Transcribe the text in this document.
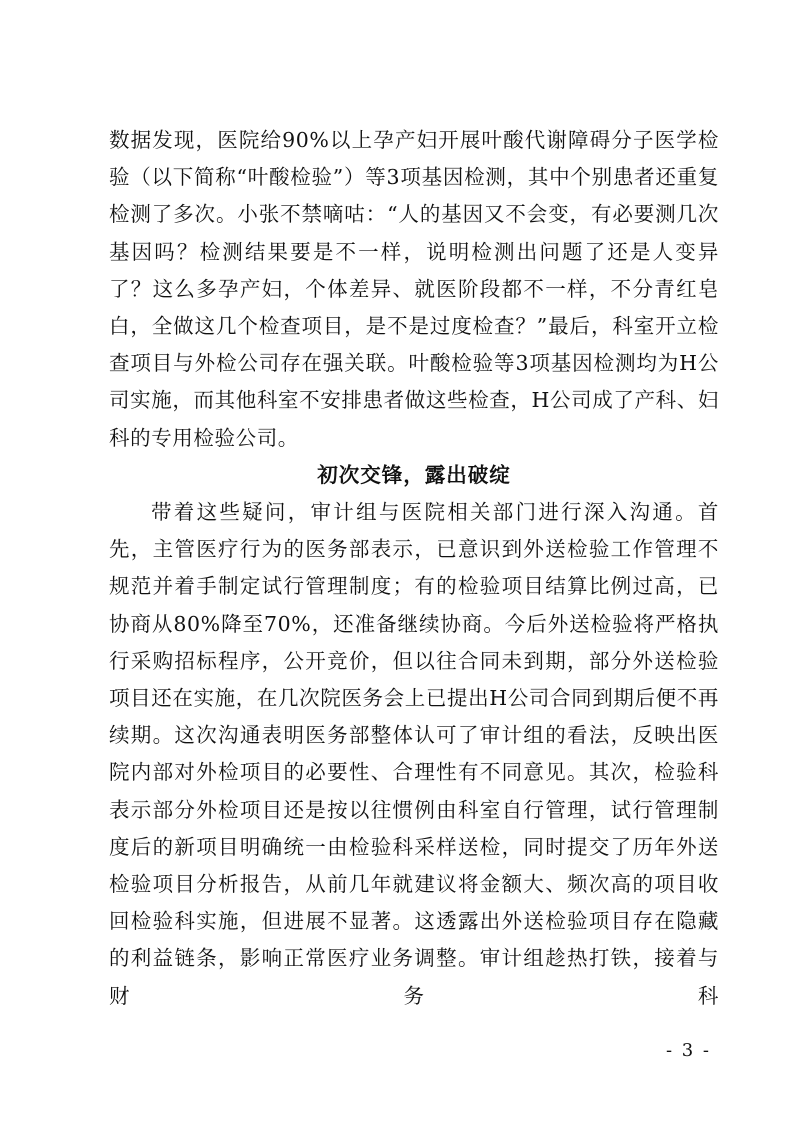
数据发现，医院给90%以上孕产妇开展叶酸代谢障碍分子医学检验（以下简称“叶酸检验”）等3项基因检测，其中个别患者还重复检测了多次。小张不禁嘀咕：“人的基因又不会变，有必要测几次基因吗？检测结果要是不一样，说明检测出问题了还是人变异了？这么多孕产妇，个体差异、就医阶段都不一样，不分青红皂白，全做这几个检查项目，是不是过度检查？”最后，科室开立检查项目与外检公司存在强关联。叶酸检验等3项基因检测均为H公司实施，而其他科室不安排患者做这些检查，H公司成了产科、妇科的专用检验公司。

初次交锋，露出破绽

带着这些疑问，审计组与医院相关部门进行深入沟通。首先，主管医疗行为的医务部表示，已意识到外送检验工作管理不规范并着手制定试行管理制度；有的检验项目结算比例过高，已协商从80%降至70%，还准备继续协商。今后外送检验将严格执行采购招标程序，公开竞价，但以往合同未到期，部分外送检验项目还在实施，在几次院医务会上已提出H公司合同到期后便不再续期。这次沟通表明医务部整体认可了审计组的看法，反映出医院内部对外检项目的必要性、合理性有不同意见。其次，检验科表示部分外检项目还是按以往惯例由科室自行管理，试行管理制度后的新项目明确统一由检验科采样送检，同时提交了历年外送检验项目分析报告，从前几年就建议将金额大、频次高的项目收回检验科实施，但进展不显著。这透露出外送检验项目存在隐藏的利益链条，影响正常医疗业务调整。审计组趁热打铁，接着与财务科

- 3 -
